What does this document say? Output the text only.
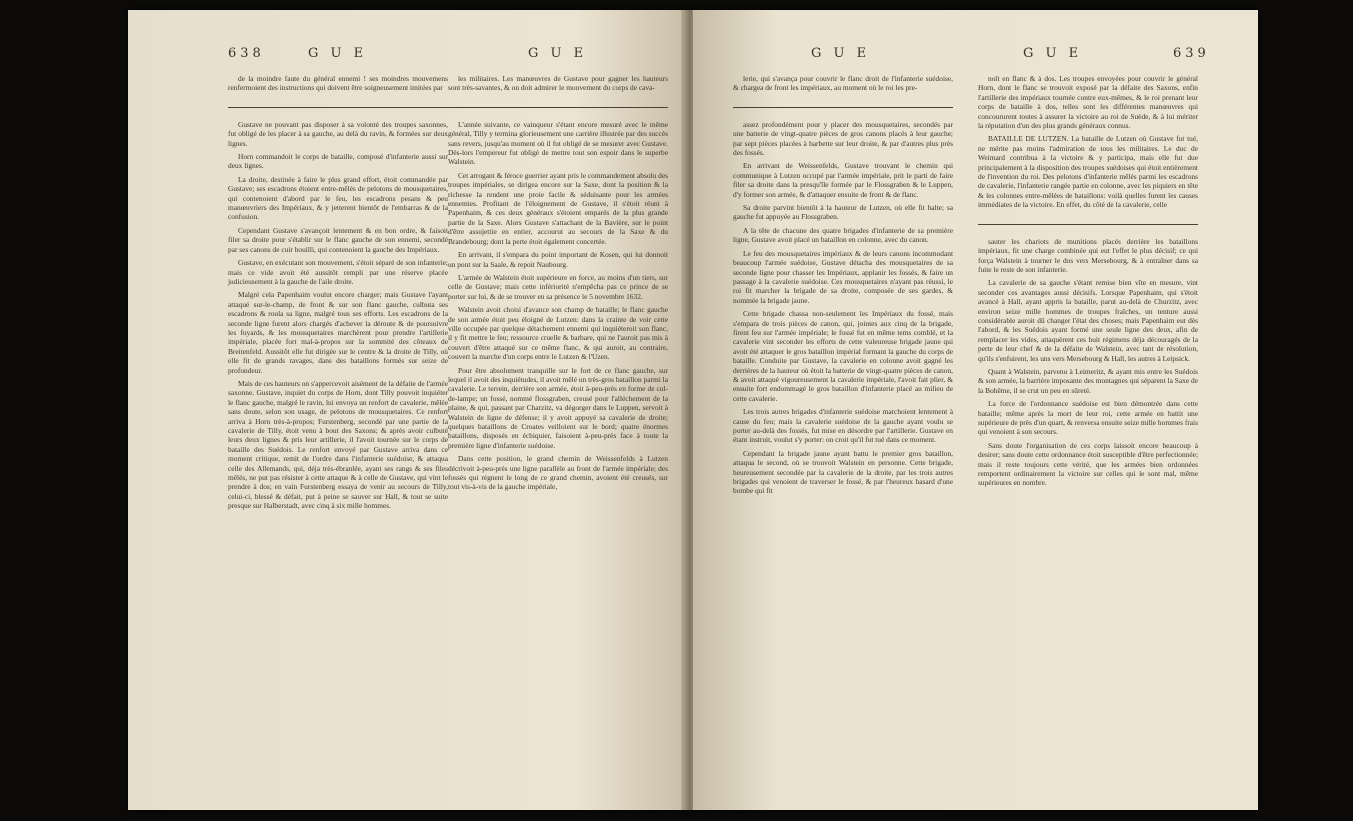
638	G U E	G U E

de la moindre faute du général ennemi ! ses moindres mouvemens renfermoient des instructions qui doivent être soigneusement imitées par

Gustave ne pouvant pas disposer à sa volonté des troupes saxonnes, fut obligé de les placer à sa gauche, au delà du ravin, & formées sur deux lignes.

Horn commandoit le corps de bataille, composé d'infanterie aussi sur deux lignes.

La droite, destinée à faire le plus grand effort, étoit commandée par Gustave; ses escadrons étoient entre-mêlés de pelotons de mousquetaires, qui contenoient d'abord par le feu, les escadrons pesans & peu manœuvriers des Impériaux, & y jetterent bientôt de l'embarras & de la confusion.

Cependant Gustave s'avançoit lentement & en bon ordre, & faisoit filer sa droite pour s'établir sur le flanc gauche de son ennemi, secondé par ses canons de cuir bouilli, qui contenoient la gauche des Impériaux.

Gustave, en exécutant son mouvement, s'étoit séparé de son infanterie; mais ce vide avoit été aussitôt rempli par une réserve placée judicieusement à la gauche de l'aile droite.

Malgré cela Papenhaim voulut encore charger; mais Gustave l'ayant attaqué sur-le-champ, de front & sur son flanc gauche, culbuta ses escadrons & roula sa ligne, malgré tous ses efforts. Les escadrons de la seconde ligne furent alors chargés d'achever la déroute & de poursuivre les fuyards, & les mousquetaires marchèrent pour prendre l'artillerie impériale, placée fort mal-à-propos sur la sommité des côteaux de Breitenfeld. Aussitôt elle fut dirigée sur le centre & la droite de Tilly, où elle fit de grands ravages, dans des bataillons formés sur seize de profondeur.

Mais de ces hauteurs on s'appercevoit aisément de la défaite de l'armée saxonne. Gustave, inquiet du corps de Horn, dont Tilly pouvoit inquiéter le flanc gauche, malgré le ravin, lui envoya un renfort de cavalerie, mêlée sans doute, selon son usage, de pelotons de mousquetaires. Ce renfort arriva à Horn très-à-propos; Furstenberg, secondé par une partie de la cavalerie de Tilly, étoit venu à bout des Saxons; & après avoir culbuté leurs deux lignes & pris leur artillerie, il l'avoit tournée sur le corps de bataille des Suédois. Le renfort envoyé par Gustave arriva dans ce moment critique, remit de l'ordre dans l'infanterie suédoise, & attaqua celle des Allemands, qui, déja très-ébranlée, ayant ses rangs & ses files mêlés, ne put pas résister à cette attaque & à celle de Gustave, qui vint le prendre à dos; en vain Furstenberg essaya de venir au secours de Tilly, celui-ci, blessé & défait, put à peine se sauver sur Hall, & tout se suite presque sur Halberstadt, avec cinq à six mille hommes.

les militaires. Les manœuvres de Gustave pour gagner les hauteurs sont très-savantes, & on doit admirer le mouvement du corps de cava-

L'année suivante, ce vainqueur s'étant encore mesuré avec le même général, Tilly y termina glorieusement une carrière illustrée par des succès sans revers, jusqu'au moment où il fut obligé de se mesurer avec Gustave. Dès-lors l'empereur fut obligé de mettre tout son espoir dans le superbe Walstein.

Cet arrogant & féroce guerrier ayant pris le commandement absolu des troupes impériales, se dirigea encore sur la Saxe, dont la position & la richesse la rendent une proie facile & séduisante pour les armées ennemies. Profitant de l'éloignement de Gustave, il s'étoit réuni à Papenhaim, & ces deux généraux s'étoient emparés de la plus grande partie de la Saxe. Alors Gustave s'attachant de la Bavière, sur le point d'être assujettie en entier, accourut au secours de la Saxe & du Brandebourg; dont la perte étoit également concertée.

En arrivant, il s'empara du point important de Kosen, qui lui donnoit un pont sur la Saale, & repoit Naubourg.

L'armée de Walstein étoit supérieure en force, au moins d'un tiers, sur celle de Gustave; mais cette infériorité n'empêcha pas ce prince de se porter sur lui, & de se trouver en sa présence le 5 novembre 1632.

Walstein avoit choisi d'avance son champ de bataille; le flanc gauche de son armée étoit peu éloigné de Lutzen: dans la crainte de voir cette ville occupée par quelque détachement ennemi qui inquiéteroit son flanc, il y fit mettre le feu; ressource cruelle & barbare, qui ne l'auroit pas mis à couvert d'être attaqué sur ce même flanc, & qui auroit, au contraire, couvert la marche d'un corps entre le Lutzen & l'Uzen.

Pour être absolument tranquille sur le fort de ce flanc gauche, sur lequel il avoit des inquiétudes, il avoit mêlé un très-gros bataillon parmi la cavalerie. Le terrein, derrière son armée, étoit à-peu-près en forme de cul-de-lampe; un fossé, nommé flossgraben, creusé pour l'alléchement de la plaine, & qui, passant par Charzitz, va dégorger dans le Luppen, servoit à Walstein de ligne de défense; il y avoit appuyé sa cavalerie de droite; quelques bataillons de Croates veilloient sur le bord; quatre énormes bataillons, disposés en échiquier, faisoient à-peu-près face à toute la première ligne d'infanterie suédoise.

Dans cette position, le grand chemin de Weissenfelds à Lutzen décrivoit à-peu-près une ligne parallèle au front de l'armée impériale; des fossés qui régnent le long de ce grand chemin, avoient été creusés, sur tout vis-à-vis de la gauche impériale,

G U E	G U E	639

lerie, qui s'avança pour couvrir le flanc droit de l'infanterie suédoise, & chargea de front les impériaux, au moment où le roi les pre-

assez profondément pour y placer des mousquetaires, secondés par une batterie de vingt-quatre pièces de gros canons placés à leur gauche; par sept pièces placées à barbette sur leur droite, & par d'autres plus près des fossés.

En arrivant de Weissenfelds, Gustave trouvant le chemin qui communique à Lutzen occupé par l'armée impériale, prit le parti de faire filer sa droite dans la presqu'île formée par le Flossgraben & le Luppen, d'y former son armée, & d'attaquer ensuite de front & de flanc.

Sa droite parvint bientôt à la hauteur de Lutzen, où elle fit halte; sa gauche fut appuyée au Flossgraben.

A la tête de chacune des quatre brigades d'infanterie de sa première ligne, Gustave avoit placé un bataillon en colonne, avec du canon.

Le feu des mousquetaires impériaux & de leurs canons incommodant beaucoup l'armée suédoise, Gustave détacha des mousquetaires de sa seconde ligne pour chasser les Impériaux, applanir les fossés, & faire un passage à la cavalerie suédoise. Ces mousquetaires n'ayant pas réussi, le roi fit marcher la brigade de sa droite, composée de ses gardes, & nommée la brigade jaune.

Cette brigade chassa non-seulement les Impériaux du fossé, mais s'empara de trois pièces de canon, qui, jointes aux cinq de la brigade, firent feu sur l'armée impériale; le fossé fut en même tems comblé, et la cavalerie vint seconder les efforts de cette valeureuse brigade jaune qui avoit été attaquer le gros bataillon impérial formant la gauche du corps de bataille. Conduite par Gustave, la cavalerie en colonne avoit gagné les derrières de la hauteur où étoit la batterie de vingt-quatre pièces de canon, & avoit attaqué vigoureusement la cavalerie impériale, l'avoit fait plier, & ensuite fort endommagé le gros bataillon d'infanterie placé au milieu de cette cavalerie.

Les trois autres brigades d'infanterie suédoise marchoient lentement à cause du feu; mais la cavalerie suédoise de la gauche ayant voulu se porter au-delà des fossés, fut mise en désordre par l'artillerie. Gustave en étant instruit, voulut s'y porter: on croit qu'il fut tué dans ce moment.

Cependant la brigade jaune ayant battu le premier gros bataillon, attaqua le second, où se trouvoit Walstein en personne. Cette brigade, heureusement secondée par la cavalerie de la droite, par les trois autres brigades qui venoient de traverser le fossé, & par l'heureux hasard d'une bombe qui fit

noît en flanc & à dos. Les troupes envoyées pour couvrir le général Horn, dont le flanc se trouvoit exposé par la défaite des Saxons, enfin l'artillerie des impériaux tournée contre eux-mêmes, & le roi prenant leur corps de bataille à dos, telles sont les différentes manœuvres qui concoururent toutes à assurer la victoire au roi de Suède, & à lui mériter la réputation d'un des plus grands généraux connus.

BATAILLE DE LUTZEN. La bataille de Lutzen où Gustave fut tué, ne mérite pas moins l'admiration de tous les militaires. Le duc de Weimard contribua à la victoire & y participa, mais elle fut due principalement à la disposition des troupes suédoises qui étoit entièrement de l'invention du roi. Des pelotons d'infanterie mêlés parmi les escadrons de cavalerie, l'infanterie rangée partie en colonne, avec les piquiers en tête & les colonnes entre-mêlées de bataillons: voilà quelles furent les causes immédiates de la victoire. En effet, du côté de la cavalerie, celle

sauter les chariots de munitions placés derrière les bataillons impériaux, fit une charge combinée qui eut l'effet le plus décisif; ce qui força Walstein à tourner le dos vers Mersebourg, & à entraîner dans sa fuite le reste de son infanterie.

La cavalerie de sa gauche s'étant remise bien vîte en mesure, vint seconder ces avantages aussi décisifs. Lorsque Papenhaim, qui s'étoit avancé à Hall, ayant appris la bataille, parut au-delà de Churzitz, avec environ seize mille hommes de troupes fraîches, un tenture aussi considérable auroit dû changer l'état des choses; mais Papenhaim eut dès l'abord, & les Suédois ayant formé une seule ligne des deux, afin de remplacer les vides, attaquèrent ces huit régimens déja découragés de la perte de leur chef & de la défaite de Walstein, avec tant de résolution, qu'ils s'enfuirent, les uns vers Mersebourg & Hall, les autres à Leipsick.

Quant à Walstein, parvenu à Leimeritz, & ayant mis entre les Suédois & son armée, la barrière imposante des montagnes qui séparent la Saxe de la Bohême, il se crut un peu en sûreté.

La force de l'ordonnance suédoise est bien démontrée dans cette bataille; même après la mort de leur roi, cette armée en battit une supérieure de près d'un quart, & renversa ensuite seize mille hommes frais qui venoient à son secours.

Sans doute l'organisation de ces corps laissoit encore beaucoup à desirer; sans doute cette ordonnance étoit susceptible d'être perfectionnée; mais il reste toujours cette vérité, que les armées bien ordonnées remportent ordinairement la victoire sur celles qui le sont mal, même supérieures en nombre.
